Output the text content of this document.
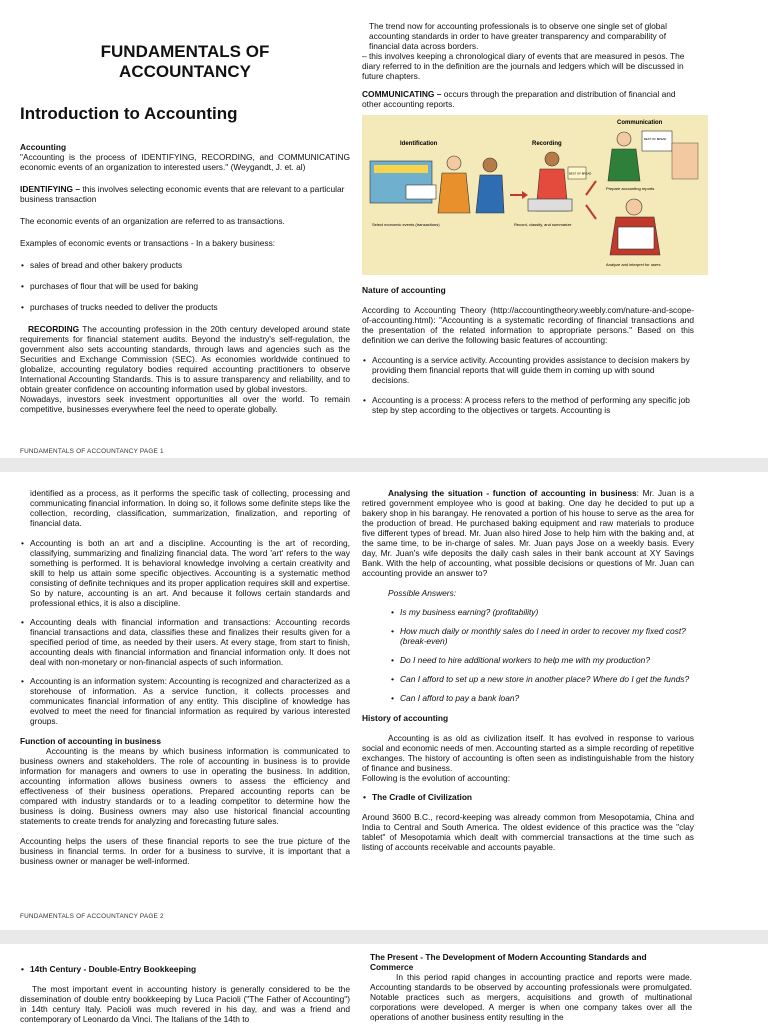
FUNDAMENTALS OF
ACCOUNTANCY
Introduction to Accounting

Accounting

"Accounting is the process of IDENTIFYING, RECORDING, and COMMUNICATING economic events of an organization to interested users." (Weygandt, J. et. al)

IDENTIFYING – this involves selecting economic events that are relevant to a particular business transaction

The economic events of an organization are referred to as transactions.

Examples of economic events or transactions - In a bakery business:

• sales of bread and other bakery products
• purchases of flour that will be used for baking
• purchases of trucks needed to deliver the products

RECORDING The accounting profession in the 20th century developed around state requirements for financial statement audits. Beyond the industry's self-regulation, the government also sets accounting standards, through laws and agencies such as the Securities and Exchange Commission (SEC). As economies worldwide continued to globalize, accounting regulatory bodies required accounting practitioners to observe International Accounting Standards. This is to assure transparency and reliability, and to obtain greater confidence on accounting information used by global investors.

Nowadays, investors seek investment opportunities all over the world. To remain competitive, businesses everywhere feel the need to operate globally.

The trend now for accounting professionals is to observe one single set of global accounting standards in order to have greater transparency and comparability of financial data across borders.

– this involves keeping a chronological diary of events that are measured in pesos. The diary referred to in the definition are the journals and ledgers which will be discussed in future chapters.

COMMUNICATING – occurs through the preparation and distribution of financial and other accounting reports.

Identification	Recording
Communication
Select economic events (transactions)
BEST OF BREAD
Record, classify, and summarize
BEST OF BREAD
Prepare accounting reports
Analyze and interpret for users

Nature of accounting

According to Accounting Theory (http://accountingtheory.weebly.com/nature-and-scope-of-accounting.html): "Accounting is a systematic recording of financial transactions and the presentation of the related information to appropriate persons." Based on this definition we can derive the following basic features of accounting:

• Accounting is a service activity. Accounting provides assistance to decision makers by providing them financial reports that will guide them in coming up with sound decisions.
• Accounting is a process: A process refers to the method of performing any specific job step by step according to the objectives or targets. Accounting is
FUNDAMENTALS OF ACCOUNTANCY PAGE 1

identified as a process, as it performs the specific task of collecting, processing and communicating financial information. In doing so, it follows some definite steps like the collection, recording, classification, summarization, finalization, and reporting of financial data.

• Accounting is both an art and a discipline. Accounting is the art of recording, classifying, summarizing and finalizing financial data. The word 'art' refers to the way something is performed. It is behavioral knowledge involving a certain creativity and skill to help us attain some specific objectives. Accounting is a systematic method consisting of definite techniques and its proper application requires skill and expertise. So by nature, accounting is an art. And because it follows certain standards and professional ethics, it is also a discipline.
• Accounting deals with financial information and transactions: Accounting records financial transactions and data, classifies these and finalizes their results given for a specified period of time, as needed by their users. At every stage, from start to finish, accounting deals with financial information and financial information only. It does not deal with non-monetary or non-financial aspects of such information.
• Accounting is an information system: Accounting is recognized and characterized as a storehouse of information. As a service function, it collects processes and communicates financial information of any entity. This discipline of knowledge has evolved to meet the need for financial information as required by various interested groups.

Function of accounting in business

Accounting is the means by which business information is communicated to business owners and stakeholders. The role of accounting in business is to provide information for managers and owners to use in operating the business. In addition, accounting information allows business owners to assess the efficiency and effectiveness of their business operations. Prepared accounting reports can be compared with industry standards or to a leading competitor to determine how the business is doing. Business owners may also use historical financial accounting statements to create trends for analyzing and forecasting future sales.

Accounting helps the users of these financial reports to see the true picture of the business in financial terms. In order for a business to survive, it is important that a business owner or manager be well-informed.

Analysing the situation - function of accounting in business: Mr. Juan is a retired government employee who is good at baking. One day he decided to put up a bakery shop in his barangay. He renovated a portion of his house to serve as the area for the production of bread. He purchased baking equipment and raw materials to produce five different types of bread. Mr. Juan also hired Jose to help him with the baking and, at the same time, to be in-charge of sales. Mr. Juan pays Jose on a weekly basis. Every day, Mr. Juan's wife deposits the daily cash sales in their bank account at XY Savings Bank. With the help of accounting, what possible decisions or questions of Mr. Juan can accounting provide an answer to?

Possible Answers:

• Is my business earning? (profitability)
• How much daily or monthly sales do I need in order to recover my fixed cost? (break-even)
• Do I need to hire additional workers to help me with my production?
• Can I afford to set up a new store in another place? Where do I get the funds?
• Can I afford to pay a bank loan?

History of accounting

Accounting is as old as civilization itself. It has evolved in response to various social and economic needs of men. Accounting started as a simple recording of repetitive exchanges. The history of accounting is often seen as indistinguishable from the history of finance and business.

Following is the evolution of accounting:

• The Cradle of Civilization

Around 3600 B.C., record-keeping was already common from Mesopotamia, China and India to Central and South America. The oldest evidence of this practice was the "clay tablet" of Mesopotamia which dealt with commercial transactions at the time such as listing of accounts receivable and accounts payable.

FUNDAMENTALS OF ACCOUNTANCY PAGE 2
• 14th Century - Double-Entry Bookkeeping

The most important event in accounting history is generally considered to be the dissemination of double entry bookkeeping by Luca Pacioli ("The Father of Accounting") in 14th century Italy. Pacioli was much revered in his day, and was a friend and contemporary of Leonardo da Vinci. The Italians of the 14th to

The Present - The Development of Modern Accounting Standards and Commerce

In this period rapid changes in accounting practice and reports were made. Accounting standards to be observed by accounting professionals were promulgated. Notable practices such as mergers, acquisitions and growth of multinational corporations were developed. A merger is when one company takes over all the operations of another business entity resulting in the
